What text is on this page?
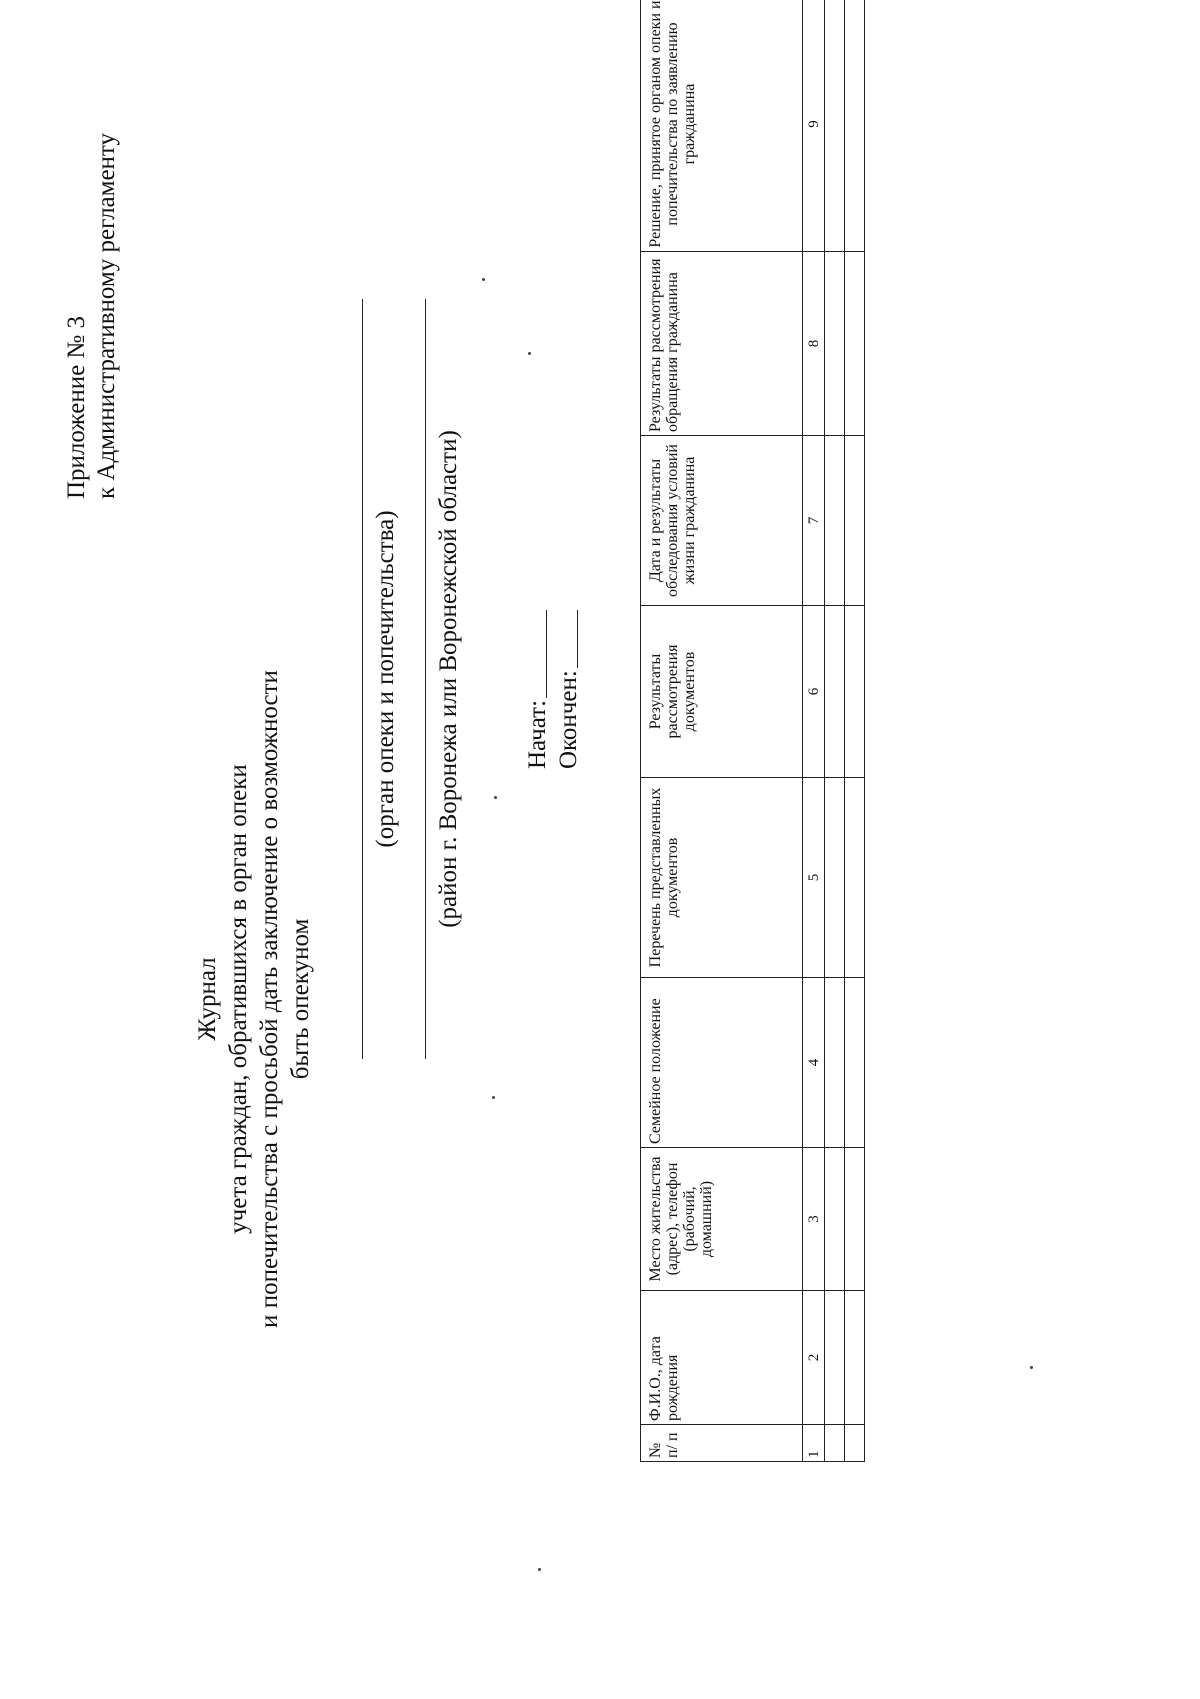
Приложение № 3 к Административному регламенту
Журнал учета граждан, обратившихся в орган опеки и попечительства с просьбой дать заключение о возможности быть опекуном
(орган опеки и попечительства) (район г. Воронежа или Воронежской области) Начат: Окончен:
№ п/ п	Ф.И.О., дата рождения	Место жительства (адрес), телефон (рабочий, домашний)	Семейное положение	Перечень представленных документов	Результаты рассмотрения документов	Дата и результаты обследования условий жизни гражданина	Результаты рассмотрения обращения гражданина	Решение, принятое органом опеки и попечительства по заявлению гражданина
1	2	3	4	5	6	7	8	9
